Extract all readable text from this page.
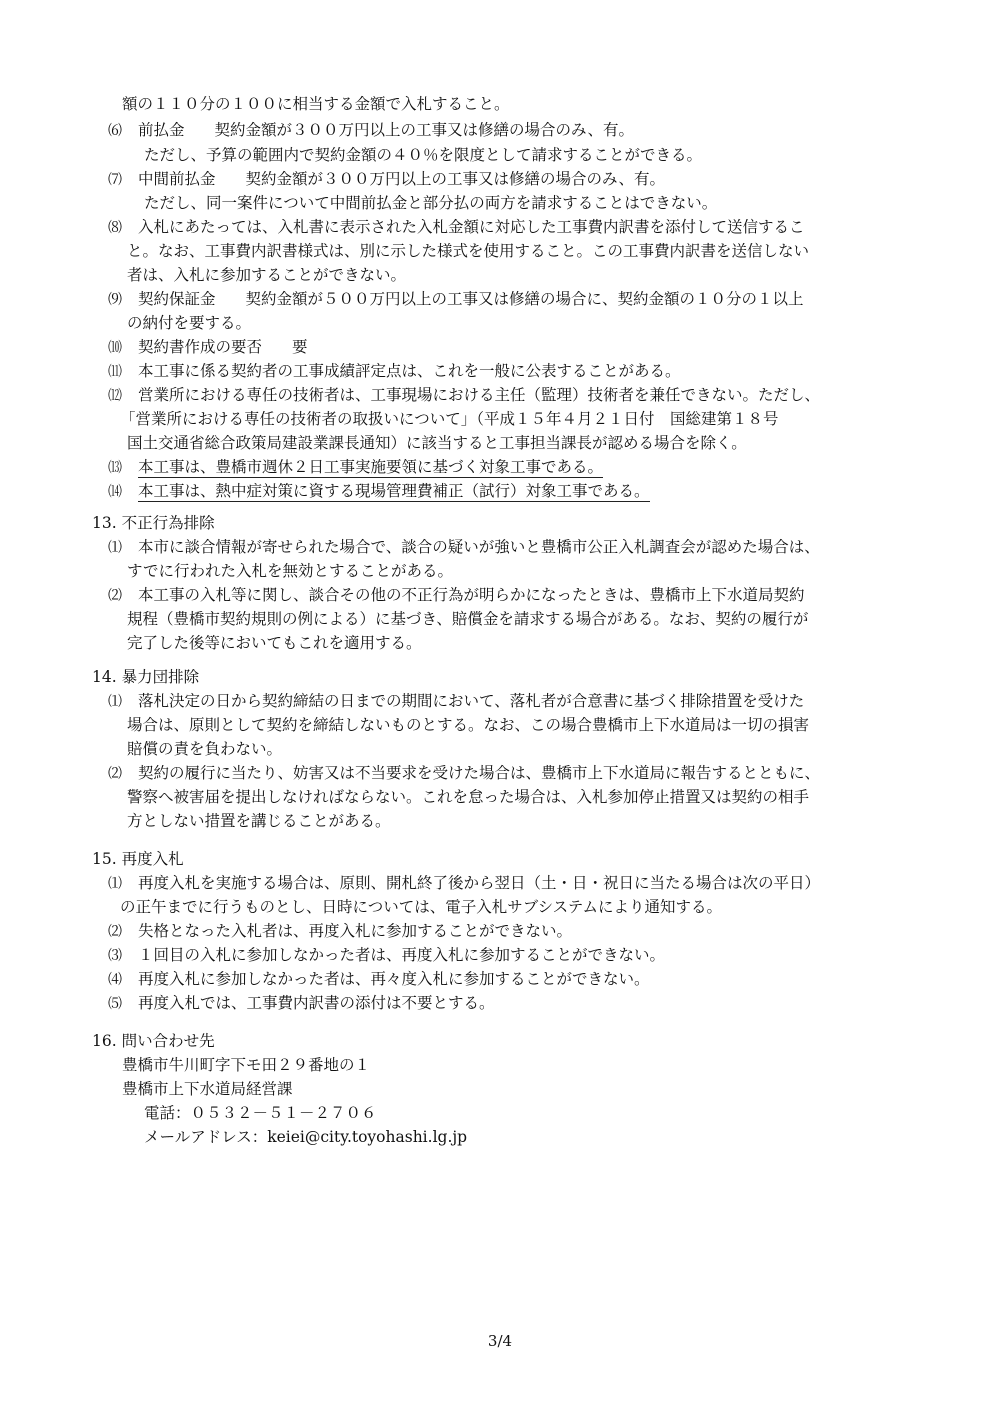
額の１１０分の１００に相当する金額で入札すること。
⑹ 前払金 契約金額が３００万円以上の工事又は修繕の場合のみ、有。
ただし、予算の範囲内で契約金額の４０％を限度として請求することができる。
⑺ 中間前払金 契約金額が３００万円以上の工事又は修繕の場合のみ、有。
ただし、同一案件について中間前払金と部分払の両方を請求することはできない。
⑻ 入札にあたっては、入札書に表示された入札金額に対応した工事費内訳書を添付して送信するこ
と。なお、工事費内訳書様式は、別に示した様式を使用すること。この工事費内訳書を送信しない
者は、入札に参加することができない。
⑼ 契約保証金 契約金額が５００万円以上の工事又は修繕の場合に、契約金額の１０分の１以上
の納付を要する。
⑽ 契約書作成の要否 要
⑾ 本工事に係る契約者の工事成績評定点は、これを一般に公表することがある。
⑿ 営業所における専任の技術者は、工事現場における主任（監理）技術者を兼任できない。ただし、
「営業所における専任の技術者の取扱いについて」（平成１５年４月２１日付　国総建第１８号
国土交通省総合政策局建設業課長通知）に該当すると工事担当課長が認める場合を除く。
⒀ 本工事は、豊橋市週休２日工事実施要領に基づく対象工事である。
⒁ 本工事は、熱中症対策に資する現場管理費補正（試行）対象工事である。
13. 不正行為排除
⑴ 本市に談合情報が寄せられた場合で、談合の疑いが強いと豊橋市公正入札調査会が認めた場合は、
すでに行われた入札を無効とすることがある。
⑵ 本工事の入札等に関し、談合その他の不正行為が明らかになったときは、豊橋市上下水道局契約
規程（豊橋市契約規則の例による）に基づき、賠償金を請求する場合がある。なお、契約の履行が
完了した後等においてもこれを適用する。
14. 暴力団排除
⑴ 落札決定の日から契約締結の日までの期間において、落札者が合意書に基づく排除措置を受けた
場合は、原則として契約を締結しないものとする。なお、この場合豊橋市上下水道局は一切の損害
賠償の責を負わない。
⑵ 契約の履行に当たり、妨害又は不当要求を受けた場合は、豊橋市上下水道局に報告するとともに、
警察へ被害届を提出しなければならない。これを怠った場合は、入札参加停止措置又は契約の相手
方としない措置を講じることがある。
15. 再度入札
⑴ 再度入札を実施する場合は、原則、開札終了後から翌日（土・日・祝日に当たる場合は次の平日）
の正午までに行うものとし、日時については、電子入札サブシステムにより通知する。
⑵ 失格となった入札者は、再度入札に参加することができない。
⑶ １回目の入札に参加しなかった者は、再度入札に参加することができない。
⑷ 再度入札に参加しなかった者は、再々度入札に参加することができない。
⑸ 再度入札では、工事費内訳書の添付は不要とする。
16. 問い合わせ先
豊橋市牛川町字下モ田２９番地の１
豊橋市上下水道局経営課
電話：０５３２－５１－２７０６
メールアドレス：keiei@city.toyohashi.lg.jp
3/4
